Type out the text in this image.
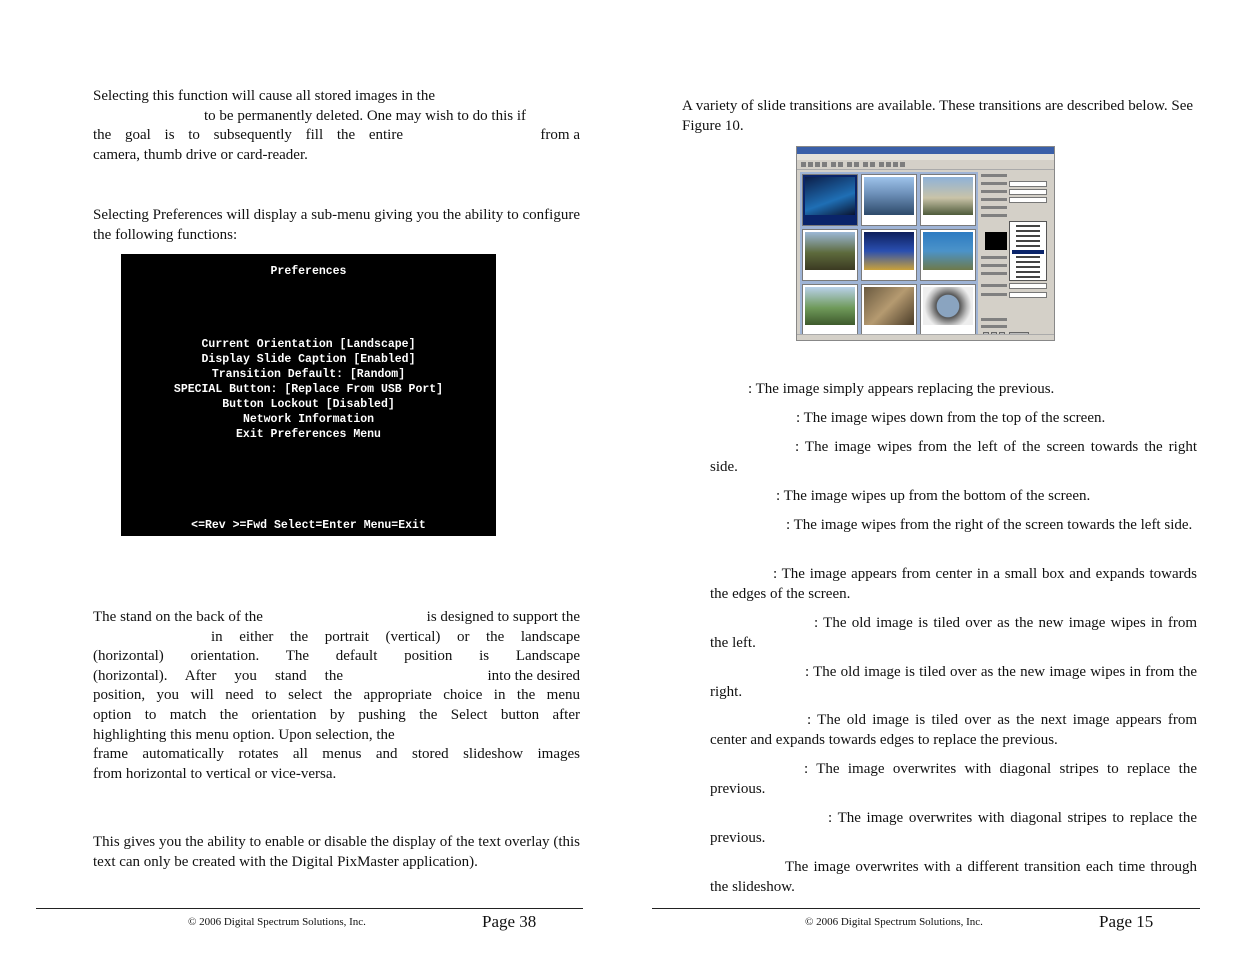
Selecting this function will cause all stored images in the
to be permanently deleted. One may wish to do this if
the goal is to subsequently fill the entire	from a
camera, thumb drive or card-reader.

Selecting Preferences will display a sub-menu giving you the ability to configure the following functions:

Preferences
Current Orientation [Landscape]
Display Slide Caption [Enabled]
Transition Default: [Random]
SPECIAL Button: [Replace From USB Port]
Button Lockout [Disabled]
Network Information
Exit Preferences Menu
<=Rev >=Fwd Select=Enter Menu=Exit
The stand on the back of the	is designed to support the
in either the portrait (vertical) or the landscape
(horizontal) orientation. The default position is Landscape
(horizontal). After you stand the	into the desired
position, you will need to select the appropriate choice in the menu
option to match the orientation by pushing the Select button after
highlighting this menu option. Upon selection, the
frame automatically rotates all menus and stored slideshow images
from horizontal to vertical or vice-versa.

This gives you the ability to enable or disable the display of the text overlay (this text can only be created with the Digital PixMaster application).

© 2006 Digital Spectrum Solutions, Inc.	Page 38

A variety of slide transitions are available. These transitions are described below. See Figure 10.

: The image simply appears replacing the previous.
: The image wipes down from the top of the screen.
: The image wipes from the left of the screen towards the right side.
: The image wipes up from the bottom of the screen.
: The image wipes from the right of the screen towards the left side.
: The image appears from center in a small box and expands towards the edges of the screen.
: The old image is tiled over as the new image wipes in from the left.
: The old image is tiled over as the new image wipes in from the right.
: The old image is tiled over as the next image appears from center and expands towards edges to replace the previous.
: The image overwrites with diagonal stripes to replace the previous.
: The image overwrites with diagonal stripes to replace the previous.
The image overwrites with a different transition each time through the slideshow.
© 2006 Digital Spectrum Solutions, Inc.	Page 15
